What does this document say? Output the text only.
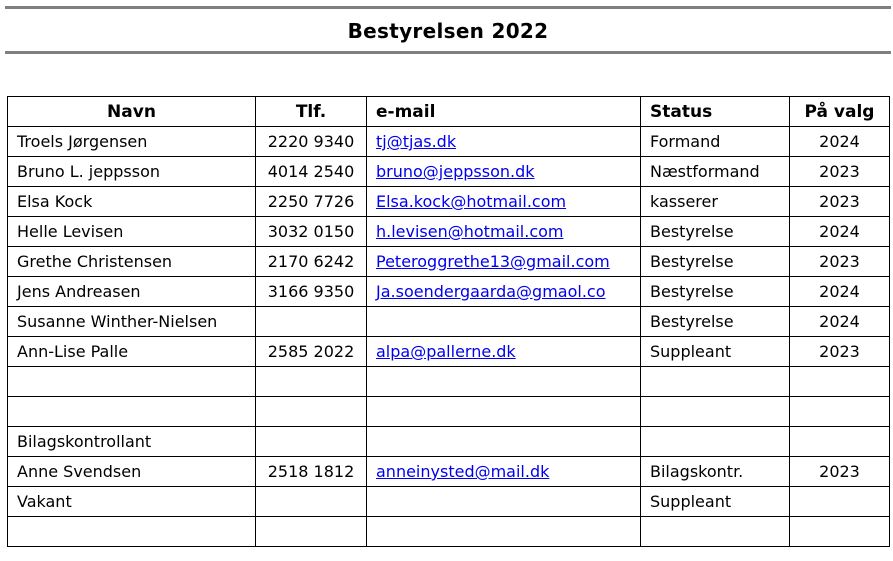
Bestyrelsen 2022
Navn	Tlf.	e-mail	Status	På valg
Troels Jørgensen	2220 9340	tj@tjas.dk	Formand	2024
Bruno L. jeppsson	4014 2540	bruno@jeppsson.dk	Næstformand	2023
Elsa Kock	2250 7726	Elsa.kock@hotmail.com	kasserer	2023
Helle Levisen	3032 0150	h.levisen@hotmail.com	Bestyrelse	2024
Grethe Christensen	2170 6242	Peteroggrethe13@gmail.com	Bestyrelse	2023
Jens Andreasen	3166 9350	Ja.soendergaarda@gmaol.co	Bestyrelse	2024
Susanne Winther-Nielsen			Bestyrelse	2024
Ann-Lise Palle	2585 2022	alpa@pallerne.dk	Suppleant	2023

Bilagskontrollant				
Anne Svendsen	2518 1812	anneinysted@mail.dk	Bilagskontr.	2023
Vakant			Suppleant	
